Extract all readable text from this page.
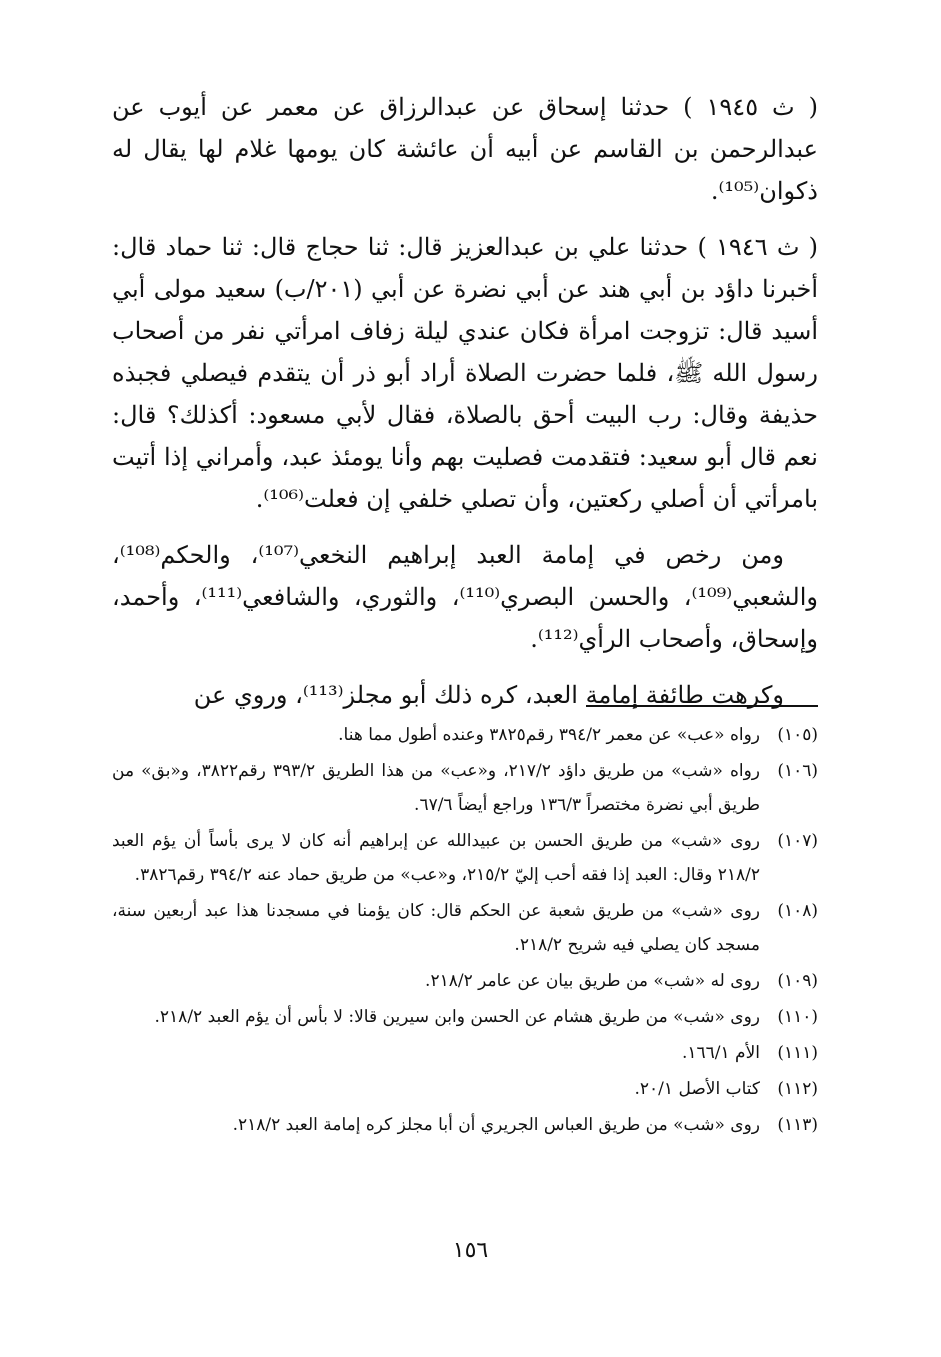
( ث ١٩٤٥ ) حدثنا إسحاق عن عبدالرزاق عن معمر عن أيوب عن عبدالرحمن بن القاسم عن أبيه أن عائشة كان يومها غلام لها يقال له ذكوان⁽¹⁰⁵⁾.

( ث ١٩٤٦ ) حدثنا علي بن عبدالعزيز قال: ثنا حجاج قال: ثنا حماد قال: أخبرنا داؤد بن أبي هند عن أبي نضرة عن أبي (٢٠١/ب) سعيد مولى أبي أسيد قال: تزوجت امرأة فكان عندي ليلة زفاف امرأتي نفر من أصحاب رسول الله ﷺ، فلما حضرت الصلاة أراد أبو ذر أن يتقدم فيصلي فجبذه حذيفة وقال: رب البيت أحق بالصلاة، فقال لأبي مسعود: أكذلك؟ قال: نعم قال أبو سعيد: فتقدمت فصليت بهم وأنا يومئذ عبد، وأمراني إذا أتيت بامرأتي أن أصلي ركعتين، وأن تصلي خلفي إن فعلت⁽¹⁰⁶⁾.

ومن رخص في إمامة العبد إبراهيم النخعي⁽¹⁰⁷⁾، والحكم⁽¹⁰⁸⁾، والشعبي⁽¹⁰⁹⁾، والحسن البصري⁽¹¹⁰⁾، والثوري، والشافعي⁽¹¹¹⁾، وأحمد، وإسحاق، وأصحاب الرأي⁽¹¹²⁾.

وكرهت طائفة إمامة العبد، كره ذلك أبو مجلز⁽¹¹³⁾، وروي عن

(١٠٥)رواه «عب» عن معمر ٣٩٤/٢ رقم٣٨٢٥ وعنده أطول مما هنا.

(١٠٦)رواه «شب» من طريق داؤد ٢١٧/٢، و«عب» من هذا الطريق ٣٩٣/٢ رقم٣٨٢٢، و«بق» من طريق أبي نضرة مختصراً ١٣٦/٣ وراجع أيضاً ٦٧/٦.

(١٠٧)روى «شب» من طريق الحسن بن عبيدالله عن إبراهيم أنه كان لا يرى بأساً أن يؤم العبد ٢١٨/٢ وقال: العبد إذا فقه أحب إليّ ٢١٥/٢، و«عب» من طريق حماد عنه ٣٩٤/٢ رقم٣٨٢٦.

(١٠٨)روى «شب» من طريق شعبة عن الحكم قال: كان يؤمنا في مسجدنا هذا عبد أربعين سنة، مسجد كان يصلي فيه شريح ٢١٨/٢.

(١٠٩)روى له «شب» من طريق بيان عن عامر ٢١٨/٢.

(١١٠)روى «شب» من طريق هشام عن الحسن وابن سيرين قالا: لا بأس أن يؤم العبد ٢١٨/٢.

(١١١)الأم ١٦٦/١.

(١١٢)كتاب الأصل ٢٠/١.

(١١٣)روى «شب» من طريق العباس الجريري أن أبا مجلز كره إمامة العبد ٢١٨/٢.

١٥٦
